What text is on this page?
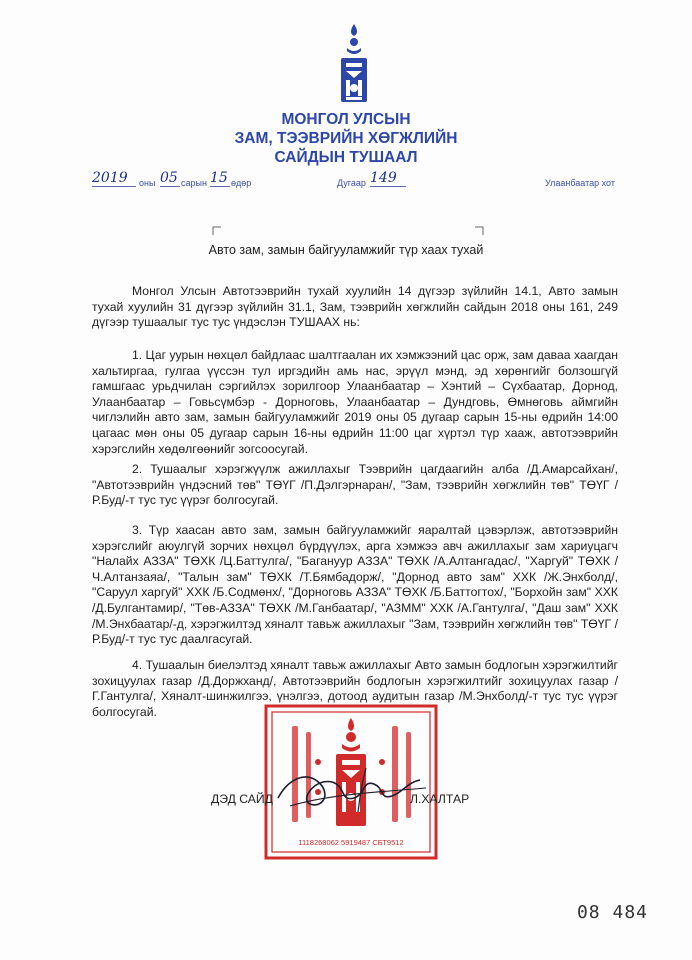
МОНГОЛ УЛСЫН
ЗАМ, ТЭЭВРИЙН ХӨГЖЛИЙН
САЙДЫН ТУШААЛ
2019	оны 05 сарын 15 өдөр	Дугаар 149	Улаанбаатар хот
Авто зам, замын байгууламжийг түр хаах тухай

Монгол Улсын Автотээврийн тухай хуулийн 14 дүгээр зүйлийн 14.1, Авто замын тухай хуулийн 31 дүгээр зүйлийн 31.1, Зам, тээврийн хөгжлийн сайдын 2018 оны 161, 249 дүгээр тушаалыг тус тус үндэслэн ТУШААХ нь:

1. Цаг уурын нөхцөл байдлаас шалтгаалан их хэмжээний цас орж, зам даваа хаагдан хальтиргаа, гулгаа үүссэн тул иргэдийн амь нас, эрүүл мэнд, эд хөрөнгийг болзошгүй гамшгаас урьдчилан сэргийлэх зорилгоор Улаанбаатар – Хэнтий – Сүхбаатар, Дорнод, Улаанбаатар – Говьсүмбэр - Дорноговь, Улаанбаатар – Дундговь, Өмнөговь аймгийн чиглэлийн авто зам, замын байгууламжийг 2019 оны 05 дугаар сарын 15-ны өдрийн 14:00 цагаас мөн оны 05 дугаар сарын 16-ны өдрийн 11:00 цаг хүртэл түр хааж, автотээврийн хэрэгслийн хөдөлгөөнийг зогсоосугай.

2. Тушаалыг хэрэгжүүлж ажиллахыг Тээврийн цагдаагийн алба /Д.Амарсайхан/, "Автотээврийн үндэсний төв" ТӨҮГ /П.Дэлгэрнаран/, "Зам, тээврийн хөгжлийн төв" ТӨҮГ /Р.Буд/-т тус тус үүрэг болгосугай.

3. Түр хаасан авто зам, замын байгууламжийг яаралтай цэвэрлэж, автотээврийн хэрэгслийг аюулгүй зорчих нөхцөл бүрдүүлэх, арга хэмжээ авч ажиллахыг зам хариуцагч "Налайх АЗЗА" ТӨХК /Ц.Баттулга/, "Багануур АЗЗА" ТӨХК /А.Алтангадас/, "Харгуй" ТӨХК /Ч.Алтанзаяа/, "Талын зам" ТӨХК /Т.Бямбадорж/, "Дорнод авто зам" ХХК /Ж.Энхболд/, "Саруул харгуй" ХХК /Б.Содмөнх/, "Дорноговь АЗЗА" ТӨХК /Б.Баттогтох/, "Борхойн зам" ХХК /Д.Булгантамир/, "Төв-АЗЗА" ТӨХК /М.Ганбаатар/, "АЗММ" ХХК /А.Гантулга/, "Даш зам" ХХК /М.Энхбаатар/-д, хэрэгжилтэд хяналт тавьж ажиллахыг "Зам, тээврийн хөгжлийн төв" ТӨҮГ /Р.Буд/-т тус тус даалгасугай.

4. Тушаалын биелэлтэд хяналт тавьж ажиллахыг Авто замын бодлогын хэрэгжилтийг зохицуулах газар /Д.Доржханд/, Автотээврийн бодлогын хэрэгжилтийг зохицуулах газар /Г.Гантулга/, Хяналт-шинжилгээ, үнэлгээ, дотоод аудитын газар /М.Энхболд/-т тус тус үүрэг болгосугай.

1118268062 5919487 СБТ9512
ДЭД САЙД	Л.ХАЛТАР
08 484
